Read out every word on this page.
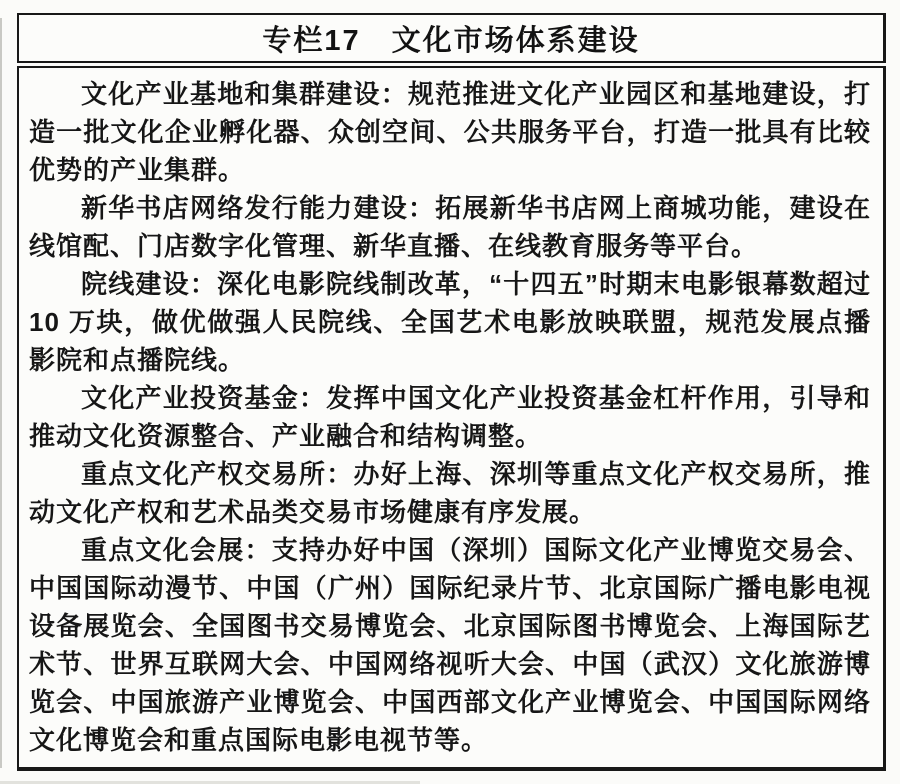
专栏17　文化市场体系建设

文化产业基地和集群建设：规范推进文化产业园区和基地建设，打造一批文化企业孵化器、众创空间、公共服务平台，打造一批具有比较优势的产业集群。

新华书店网络发行能力建设：拓展新华书店网上商城功能，建设在线馆配、门店数字化管理、新华直播、在线教育服务等平台。

院线建设：深化电影院线制改革，“十四五”时期末电影银幕数超过 10 万块，做优做强人民院线、全国艺术电影放映联盟，规范发展点播影院和点播院线。

文化产业投资基金：发挥中国文化产业投资基金杠杆作用，引导和推动文化资源整合、产业融合和结构调整。

重点文化产权交易所：办好上海、深圳等重点文化产权交易所，推动文化产权和艺术品类交易市场健康有序发展。

重点文化会展：支持办好中国（深圳）国际文化产业博览交易会、中国国际动漫节、中国（广州）国际纪录片节、北京国际广播电影电视设备展览会、全国图书交易博览会、北京国际图书博览会、上海国际艺术节、世界互联网大会、中国网络视听大会、中国（武汉）文化旅游博览会、中国旅游产业博览会、中国西部文化产业博览会、中国国际网络文化博览会和重点国际电影电视节等。
